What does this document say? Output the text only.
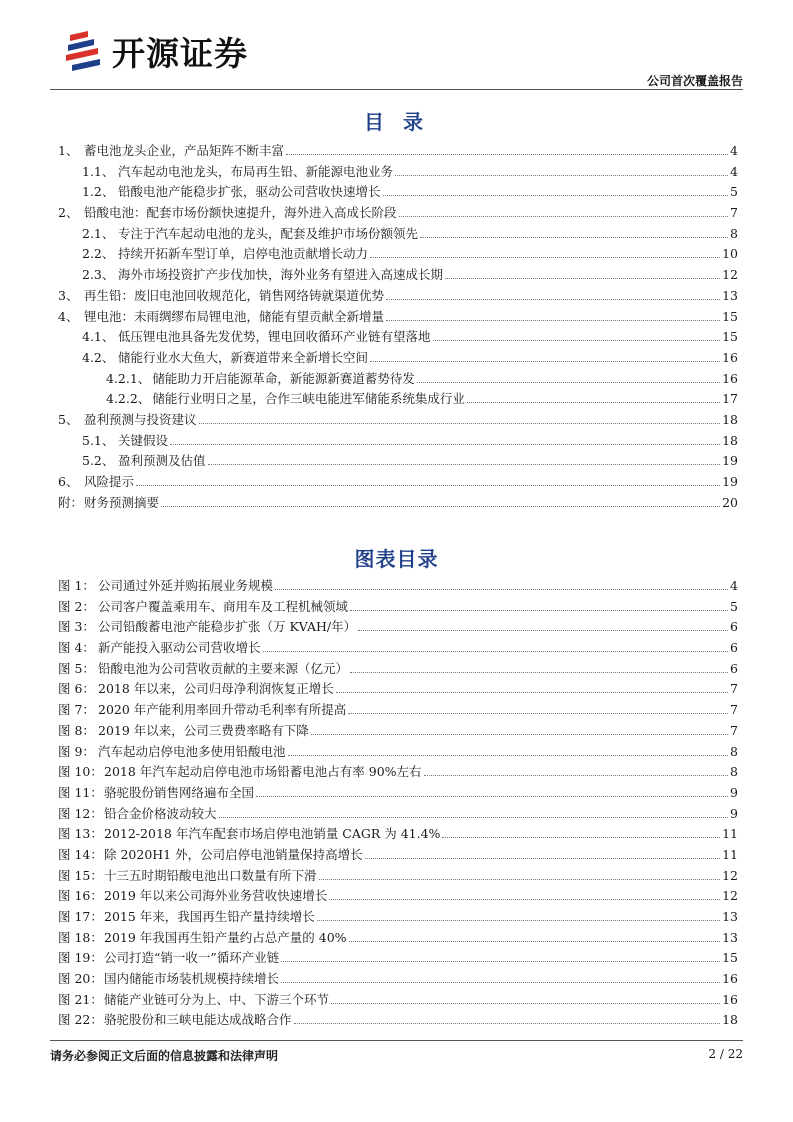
开源证券
公司首次覆盖报告
目 录
1、 蓄电池龙头企业，产品矩阵不断丰富	4
1.1、 汽车起动电池龙头，布局再生铅、新能源电池业务	4
1.2、 铅酸电池产能稳步扩张，驱动公司营收快速增长	5
2、 铅酸电池：配套市场份额快速提升，海外进入高成长阶段	7
2.1、 专注于汽车起动电池的龙头，配套及维护市场份额领先	8
2.2、 持续开拓新车型订单，启停电池贡献增长动力	10
2.3、 海外市场投资扩产步伐加快，海外业务有望进入高速成长期	12
3、 再生铅：废旧电池回收规范化，销售网络铸就渠道优势	13
4、 锂电池：未雨绸缪布局锂电池，储能有望贡献全新增量	15
4.1、 低压锂电池具备先发优势，锂电回收循环产业链有望落地	15
4.2、 储能行业水大鱼大，新赛道带来全新增长空间	16
4.2.1、 储能助力开启能源革命，新能源新赛道蓄势待发	16
4.2.2、 储能行业明日之星，合作三峡电能进军储能系统集成行业	17
5、 盈利预测与投资建议	18
5.1、 关键假设	18
5.2、 盈利预测及估值	19
6、 风险提示	19
附： 财务预测摘要	20
图表目录
图 1： 公司通过外延并购拓展业务规模	4
图 2： 公司客户覆盖乘用车、商用车及工程机械领域	5
图 3： 公司铅酸蓄电池产能稳步扩张（万 KVAH/年）	6
图 4： 新产能投入驱动公司营收增长	6
图 5： 铅酸电池为公司营收贡献的主要来源（亿元）	6
图 6： 2018 年以来，公司归母净利润恢复正增长	7
图 7： 2020 年产能利用率回升带动毛利率有所提高	7
图 8： 2019 年以来，公司三费费率略有下降	7
图 9： 汽车起动启停电池多使用铅酸电池	8
图 10： 2018 年汽车起动启停电池市场铅蓄电池占有率 90%左右	8
图 11： 骆驼股份销售网络遍布全国	9
图 12： 铅合金价格波动较大	9
图 13： 2012-2018 年汽车配套市场启停电池销量 CAGR 为 41.4%	11
图 14： 除 2020H1 外，公司启停电池销量保持高增长	11
图 15： 十三五时期铅酸电池出口数量有所下滑	12
图 16： 2019 年以来公司海外业务营收快速增长	12
图 17： 2015 年来，我国再生铅产量持续增长	13
图 18： 2019 年我国再生铅产量约占总产量的 40%	13
图 19： 公司打造“销一收一”循环产业链	15
图 20： 国内储能市场装机规模持续增长	16
图 21： 储能产业链可分为上、中、下游三个环节	16
图 22： 骆驼股份和三峡电能达成战略合作	18
请务必参阅正文后面的信息披露和法律声明	2 / 22
